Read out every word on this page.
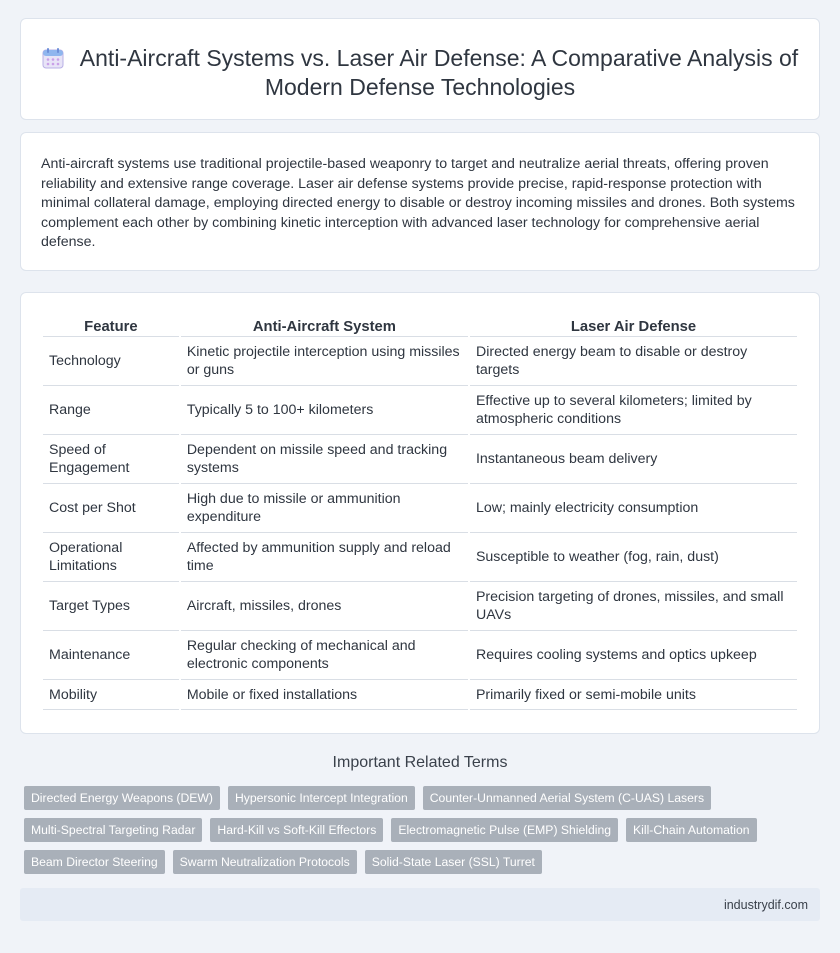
Anti-Aircraft Systems vs. Laser Air Defense: A Comparative Analysis of Modern Defense Technologies

Anti-aircraft systems use traditional projectile-based weaponry to target and neutralize aerial threats, offering proven reliability and extensive range coverage. Laser air defense systems provide precise, rapid-response protection with minimal collateral damage, employing directed energy to disable or destroy incoming missiles and drones. Both systems complement each other by combining kinetic interception with advanced laser technology for comprehensive aerial defense.

Feature	Anti-Aircraft System	Laser Air Defense
Technology	Kinetic projectile interception using missiles or guns	Directed energy beam to disable or destroy targets
Range	Typically 5 to 100+ kilometers	Effective up to several kilometers; limited by atmospheric conditions
Speed of Engagement	Dependent on missile speed and tracking systems	Instantaneous beam delivery
Cost per Shot	High due to missile or ammunition expenditure	Low; mainly electricity consumption
Operational Limitations	Affected by ammunition supply and reload time	Susceptible to weather (fog, rain, dust)
Target Types	Aircraft, missiles, drones	Precision targeting of drones, missiles, and small UAVs
Maintenance	Regular checking of mechanical and electronic components	Requires cooling systems and optics upkeep
Mobility	Mobile or fixed installations	Primarily fixed or semi-mobile units
Important Related Terms
Directed Energy Weapons (DEW)	Hypersonic Intercept Integration	Counter-Unmanned Aerial System (C-UAS) Lasers
Multi-Spectral Targeting Radar	Hard-Kill vs Soft-Kill Effectors	Electromagnetic Pulse (EMP) Shielding	Kill-Chain Automation
Beam Director Steering	Swarm Neutralization Protocols	Solid-State Laser (SSL) Turret
industrydif.com
